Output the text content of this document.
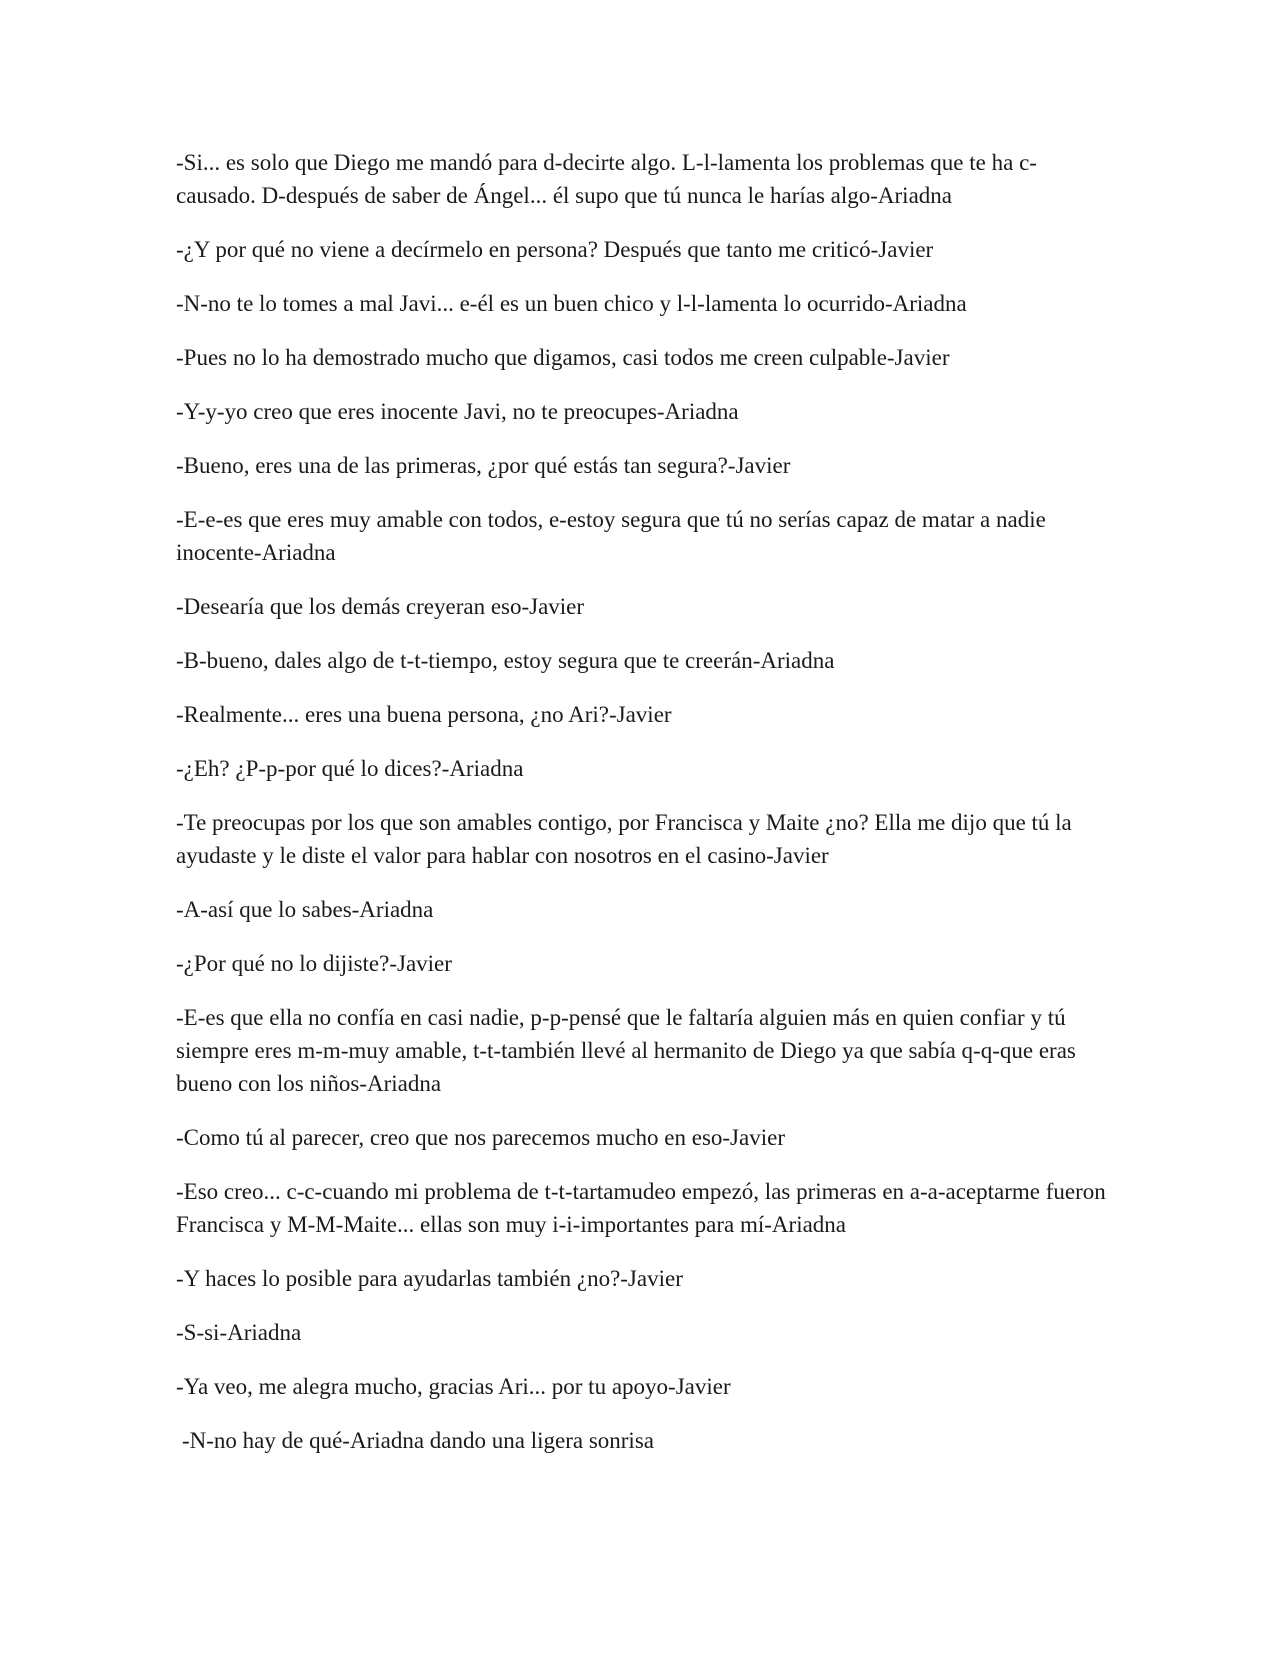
-Si... es solo que Diego me mandó para d-decirte algo. L-l-lamenta los problemas que te ha c-causado. D-después de saber de Ángel... él supo que tú nunca le harías algo-Ariadna

-¿Y por qué no viene a decírmelo en persona? Después que tanto me criticó-Javier

-N-no te lo tomes a mal Javi... e-él es un buen chico y l-l-lamenta lo ocurrido-Ariadna

-Pues no lo ha demostrado mucho que digamos, casi todos me creen culpable-Javier

-Y-y-yo creo que eres inocente Javi, no te preocupes-Ariadna

-Bueno, eres una de las primeras, ¿por qué estás tan segura?-Javier

-E-e-es que eres muy amable con todos, e-estoy segura que tú no serías capaz de matar a nadie inocente-Ariadna

-Desearía que los demás creyeran eso-Javier

-B-bueno, dales algo de t-t-tiempo, estoy segura que te creerán-Ariadna

-Realmente... eres una buena persona, ¿no Ari?-Javier

-¿Eh? ¿P-p-por qué lo dices?-Ariadna

-Te preocupas por los que son amables contigo, por Francisca y Maite ¿no? Ella me dijo que tú la ayudaste y le diste el valor para hablar con nosotros en el casino-Javier

-A-así que lo sabes-Ariadna

-¿Por qué no lo dijiste?-Javier

-E-es que ella no confía en casi nadie, p-p-pensé que le faltaría alguien más en quien confiar y tú siempre eres m-m-muy amable, t-t-también llevé al hermanito de Diego ya que sabía q-q-que eras bueno con los niños-Ariadna

-Como tú al parecer, creo que nos parecemos mucho en eso-Javier

-Eso creo... c-c-cuando mi problema de t-t-tartamudeo empezó, las primeras en a-a-aceptarme fueron Francisca y M-M-Maite... ellas son muy i-i-importantes para mí-Ariadna

-Y haces lo posible para ayudarlas también ¿no?-Javier

-S-si-Ariadna

-Ya veo, me alegra mucho, gracias Ari... por tu apoyo-Javier

-N-no hay de qué-Ariadna dando una ligera sonrisa
